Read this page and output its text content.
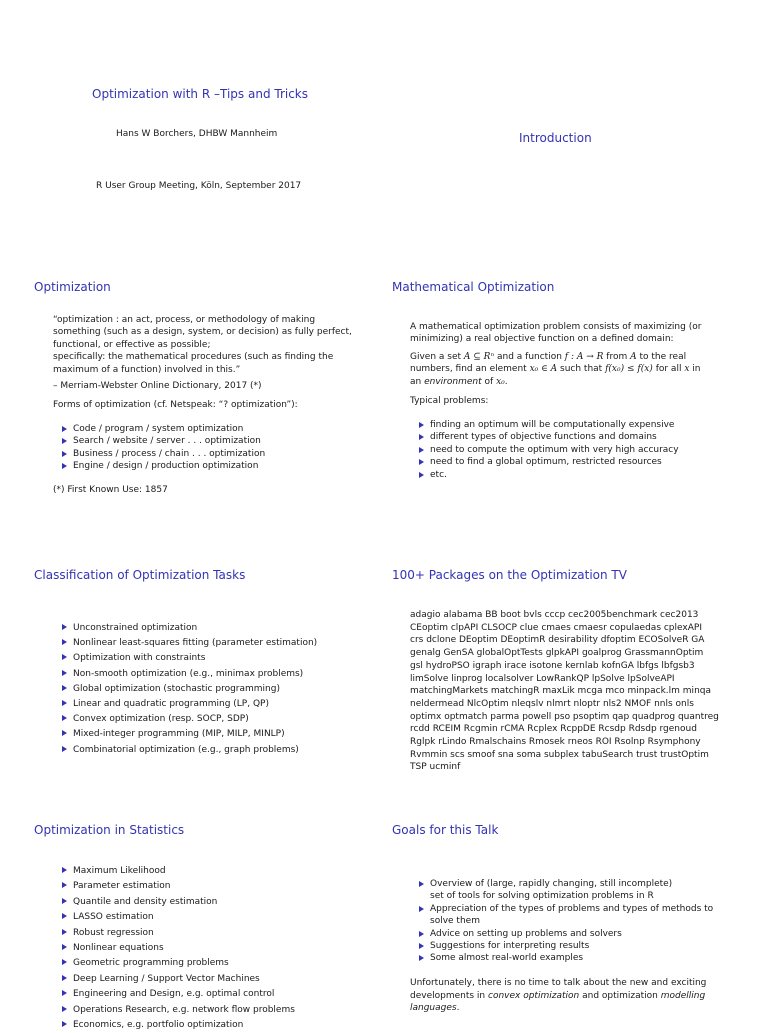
Optimization with R –Tips and Tricks
Hans W Borchers, DHBW Mannheim
R User Group Meeting, Köln, September 2017
Introduction
Optimization
“optimization : an act, process, or methodology of making
something (such as a design, system, or decision) as fully perfect,
functional, or effective as possible;
specifically: the mathematical procedures (such as finding the
maximum of a function) involved in this.”
– Merriam-Webster Online Dictionary, 2017 (*)
Forms of optimization (cf. Netspeak: “? optimization”):
Code / program / system optimization
Search / website / server . . . optimization
Business / process / chain . . . optimization
Engine / design / production optimization
(*) First Known Use: 1857
Mathematical Optimization
A mathematical optimization problem consists of maximizing (or
minimizing) a real objective function on a defined domain:
Given a set A ⊆ Rⁿ and a function f : A → R from A to the real
numbers, find an element x₀ ∈ A such that f(x₀) ≤ f(x) for all x in
an environment of x₀.
Typical problems:
finding an optimum will be computationally expensive
different types of objective functions and domains
need to compute the optimum with very high accuracy
need to find a global optimum, restricted resources
etc.
Classification of Optimization Tasks
Unconstrained optimization
Nonlinear least-squares fitting (parameter estimation)
Optimization with constraints
Non-smooth optimization (e.g., minimax problems)
Global optimization (stochastic programming)
Linear and quadratic programming (LP, QP)
Convex optimization (resp. SOCP, SDP)
Mixed-integer programming (MIP, MILP, MINLP)
Combinatorial optimization (e.g., graph problems)
100+ Packages on the Optimization TV
adagio alabama BB boot bvls cccp cec2005benchmark cec2013
CEoptim clpAPI CLSOCP clue cmaes cmaesr copulaedas cplexAPI
crs dclone DEoptim DEoptimR desirability dfoptim ECOSolveR GA
genalg GenSA globalOptTests glpkAPI goalprog GrassmannOptim
gsl hydroPSO igraph irace isotone kernlab kofnGA lbfgs lbfgsb3
limSolve linprog localsolver LowRankQP lpSolve lpSolveAPI
matchingMarkets matchingR maxLik mcga mco minpack.lm minqa
neldermead NlcOptim nleqslv nlmrt nloptr nls2 NMOF nnls onls
optimx optmatch parma powell pso psoptim qap quadprog quantreg
rcdd RCEIM Rcgmin rCMA Rcplex RcppDE Rcsdp Rdsdp rgenoud
Rglpk rLindo Rmalschains Rmosek rneos ROI Rsolnp Rsymphony
Rvmmin scs smoof sna soma subplex tabuSearch trust trustOptim
TSP ucminf
Optimization in Statistics
Maximum Likelihood
Parameter estimation
Quantile and density estimation
LASSO estimation
Robust regression
Nonlinear equations
Geometric programming problems
Deep Learning / Support Vector Machines
Engineering and Design, e.g. optimal control
Operations Research, e.g. network flow problems
Economics, e.g. portfolio optimization
Goals for this Talk
Overview of (large, rapidly changing, still incomplete)
set of tools for solving optimization problems in R
Appreciation of the types of problems and types of methods to
solve them
Advice on setting up problems and solvers
Suggestions for interpreting results
Some almost real-world examples
Unfortunately, there is no time to talk about the new and exciting
developments in convex optimization and optimization modelling
languages.
